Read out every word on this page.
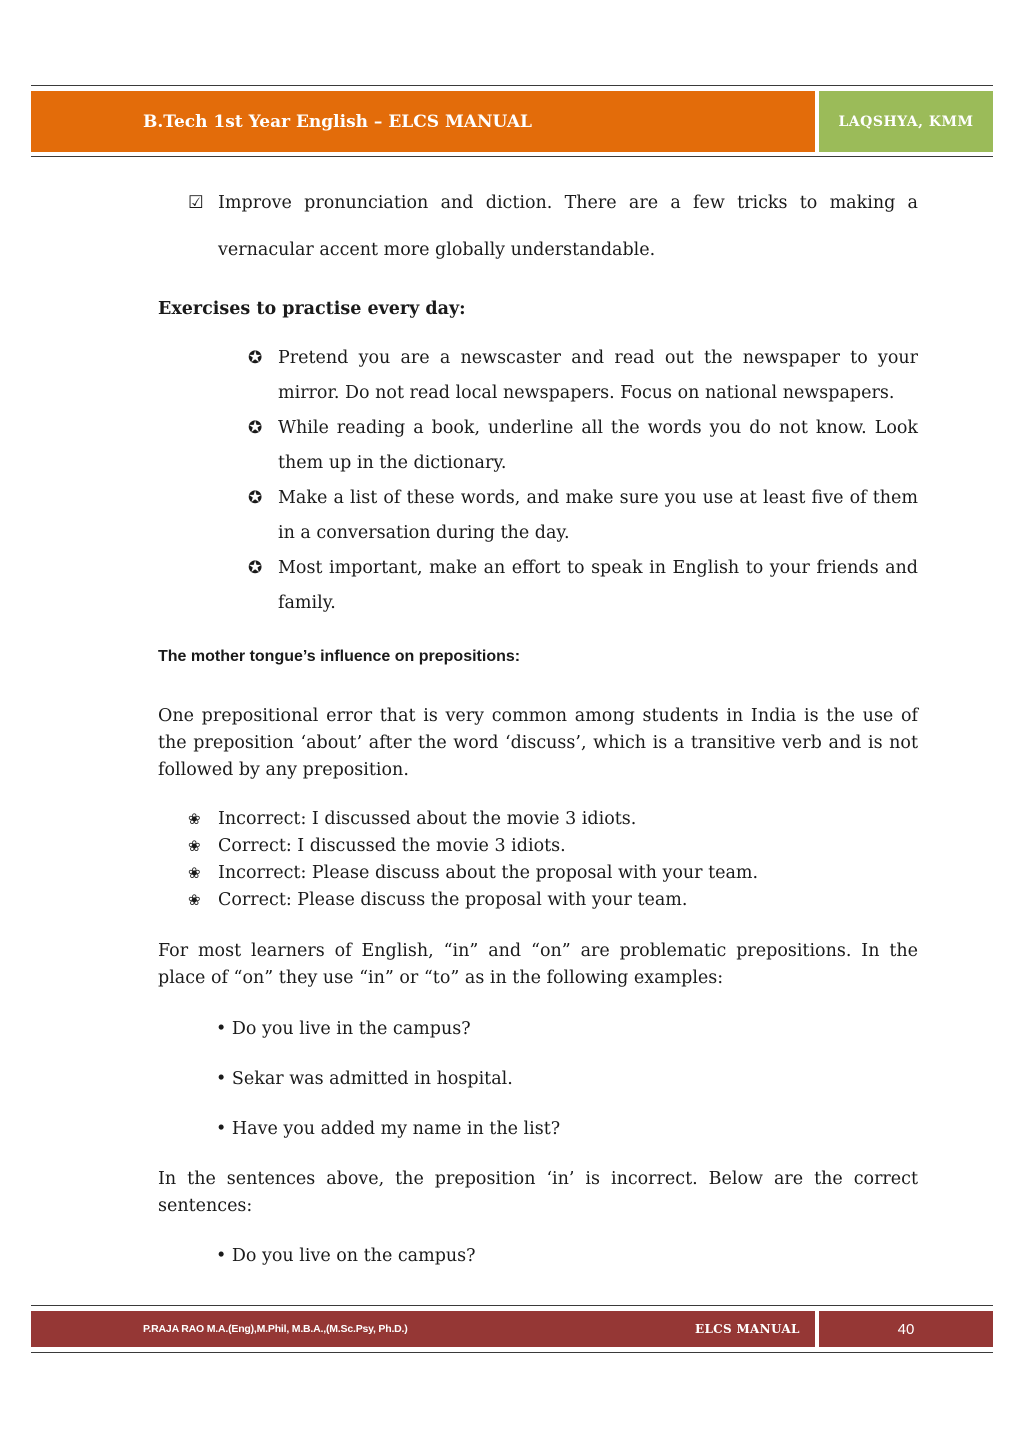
B.Tech 1st Year English – ELCS MANUAL	LAQSHYA, KMM
☑ Improve pronunciation and diction. There are a few tricks to making a vernacular accent more globally understandable.
Exercises to practise every day:
✪ Pretend you are a newscaster and read out the newspaper to your mirror. Do not read local newspapers. Focus on national newspapers.
✪ While reading a book, underline all the words you do not know. Look them up in the dictionary.
✪ Make a list of these words, and make sure you use at least five of them in a conversation during the day.
✪ Most important, make an effort to speak in English to your friends and family.
The mother tongue’s influence on prepositions:
One prepositional error that is very common among students in India is the use of the preposition ‘about’ after the word ‘discuss’, which is a transitive verb and is not followed by any preposition.
❀ Incorrect: I discussed about the movie 3 idiots.
❀ Correct: I discussed the movie 3 idiots.
❀ Incorrect: Please discuss about the proposal with your team.
❀ Correct: Please discuss the proposal with your team.
For most learners of English, “in” and “on” are problematic prepositions. In the place of “on” they use “in” or “to” as in the following examples:
• Do you live in the campus?
• Sekar was admitted in hospital.
• Have you added my name in the list?
In the sentences above, the preposition ‘in’ is incorrect. Below are the correct sentences:
• Do you live on the campus?
P.RAJA RAO M.A.(Eng),M.Phil, M.B.A.,(M.Sc.Psy, Ph.D.)	ELCS MANUAL	40
